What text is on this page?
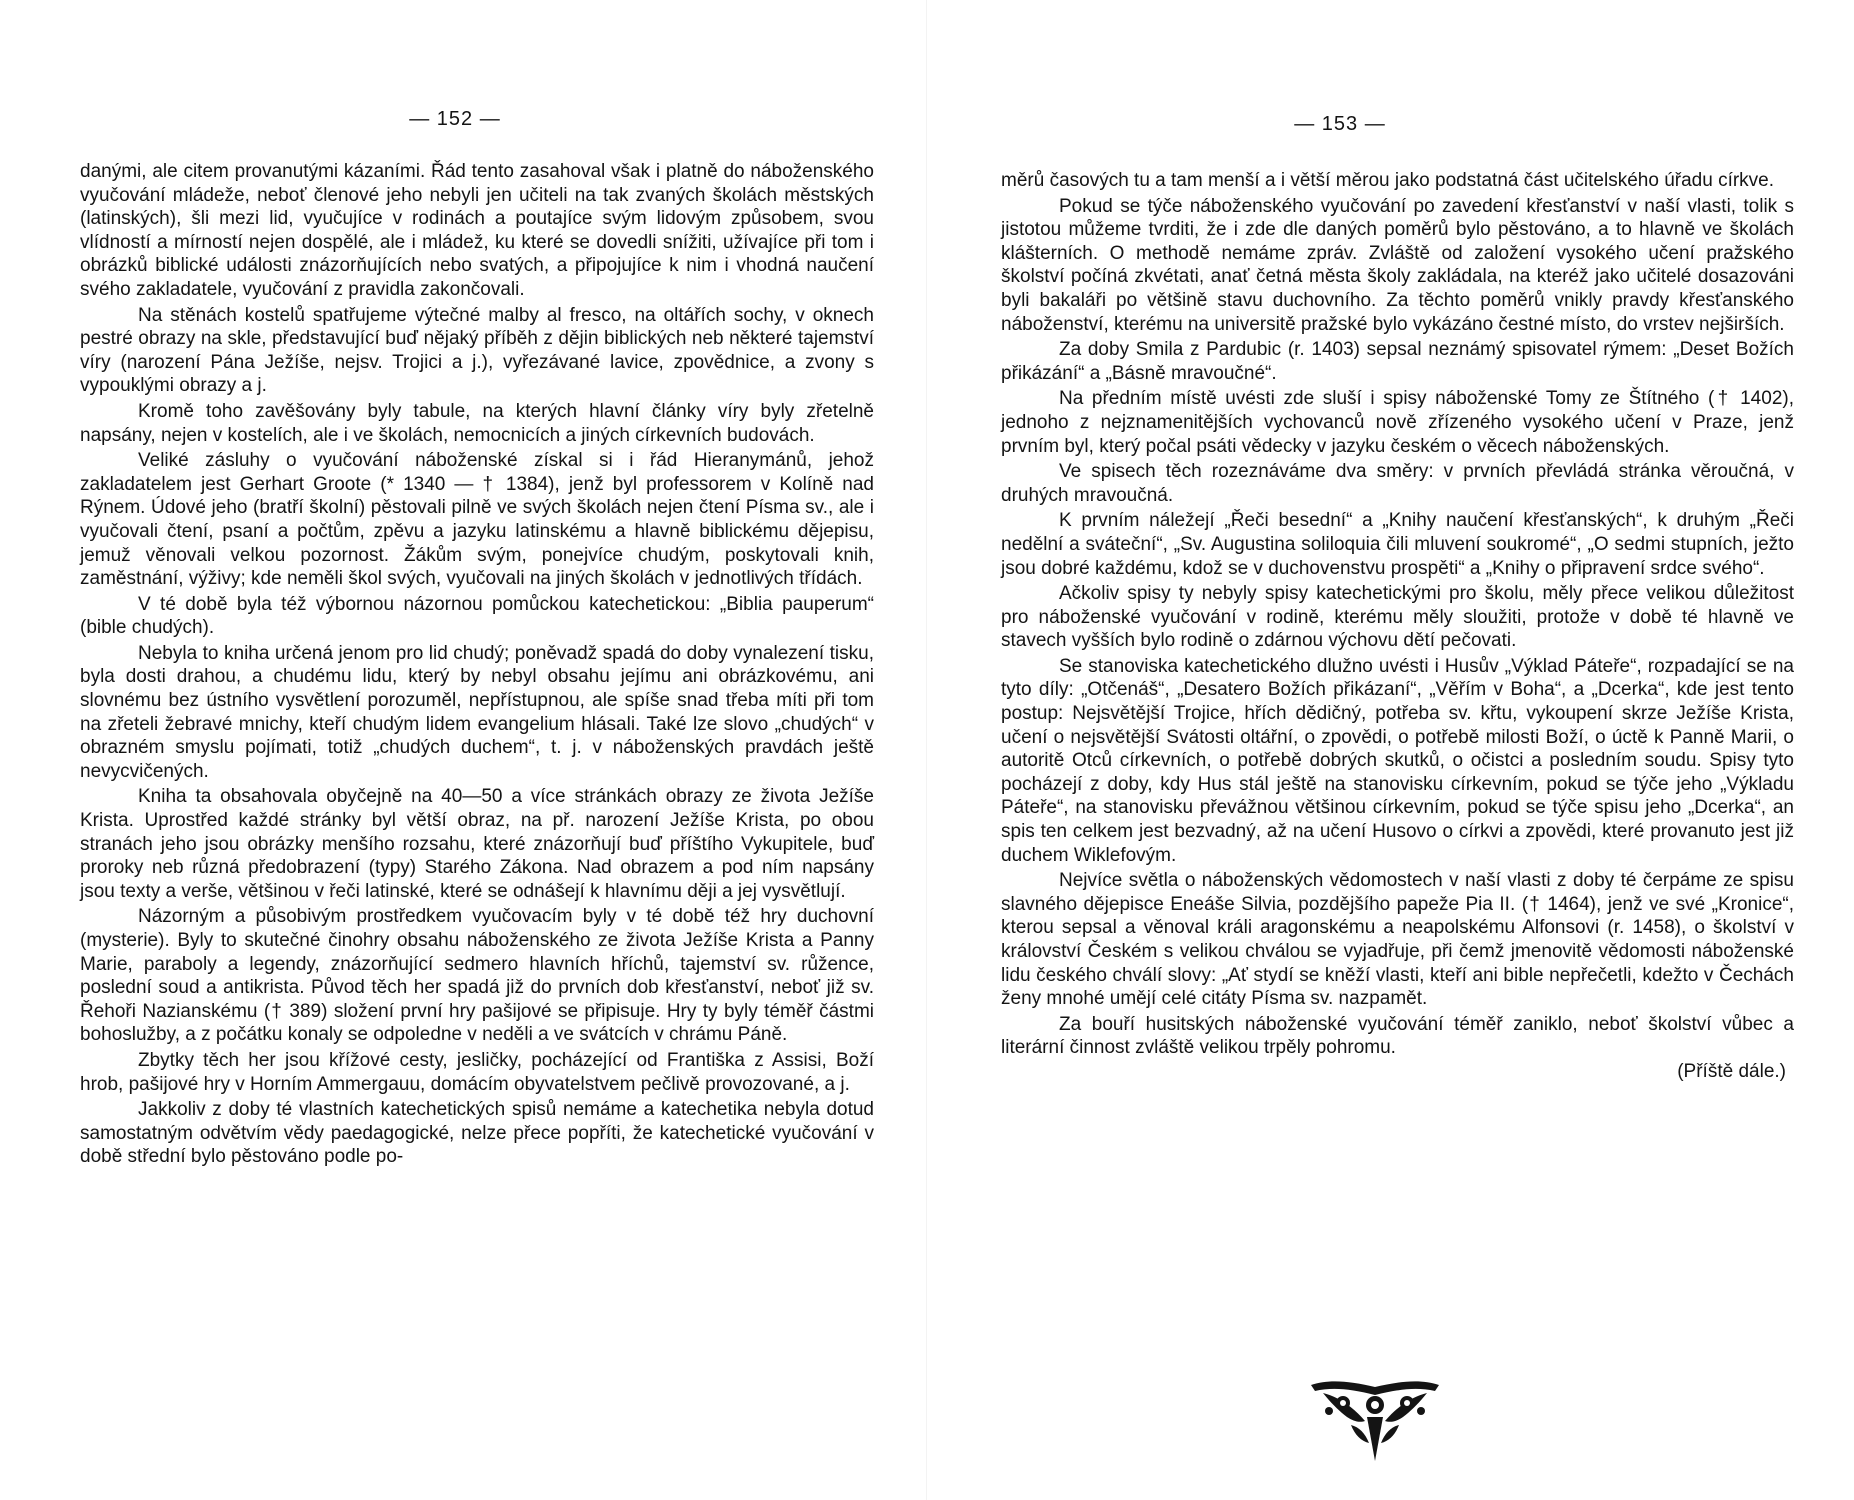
— 152 —

danými, ale citem provanutými kázaními. Řád tento zasahoval však i platně do náboženského vyučování mládeže, neboť členové jeho nebyli jen učiteli na tak zvaných školách městských (latinských), šli mezi lid, vyučujíce v rodinách a poutajíce svým lidovým způsobem, svou vlídností a mírností nejen dospělé, ale i mládež, ku které se dovedli snížiti, užívajíce při tom i obrázků biblické události znázorňujících nebo svatých, a připojujíce k nim i vhodná naučení svého zakladatele, vyučování z pravidla zakončovali.

Na stěnách kostelů spatřujeme výtečné malby al fresco, na oltářích sochy, v oknech pestré obrazy na skle, představující buď nějaký příběh z dějin biblických neb některé tajemství víry (narození Pána Ježíše, nejsv. Trojici a j.), vyřezávané lavice, zpovědnice, a zvony s vypouklými obrazy a j.

Kromě toho zavěšovány byly tabule, na kterých hlavní články víry byly zřetelně napsány, nejen v kostelích, ale i ve školách, nemocnicích a jiných církevních budovách.

Veliké zásluhy o vyučování náboženské získal si i řád Hieranymánů, jehož zakladatelem jest Gerhart Groote (* 1340 — † 1384), jenž byl professorem v Kolíně nad Rýnem. Údové jeho (bratří školní) pěstovali pilně ve svých školách nejen čtení Písma sv., ale i vyučovali čtení, psaní a počtům, zpěvu a jazyku latinskému a hlavně biblickému dějepisu, jemuž věnovali velkou pozornost. Žákům svým, ponejvíce chudým, poskytovali knih, zaměstnání, výživy; kde neměli škol svých, vyučovali na jiných školách v jednotlivých třídách.

V té době byla též výbornou názornou pomůckou katechetickou: „Biblia pauperum“ (bible chudých).

Nebyla to kniha určená jenom pro lid chudý; poněvadž spadá do doby vynalezení tisku, byla dosti drahou, a chudému lidu, který by nebyl obsahu jejímu ani obrázkovému, ani slovnému bez ústního vysvětlení porozuměl, nepřístupnou, ale spíše snad třeba míti při tom na zřeteli žebravé mnichy, kteří chudým lidem evangelium hlásali. Také lze slovo „chudých“ v obrazném smyslu pojímati, totiž „chudých duchem“, t. j. v náboženských pravdách ještě nevycvičených.

Kniha ta obsahovala obyčejně na 40—50 a více stránkách obrazy ze života Ježíše Krista. Uprostřed každé stránky byl větší obraz, na př. narození Ježíše Krista, po obou stranách jeho jsou obrázky menšího rozsahu, které znázorňují buď příštího Vykupitele, buď proroky neb různá předobrazení (typy) Starého Zákona. Nad obrazem a pod ním napsány jsou texty a verše, většinou v řeči latinské, které se odnášejí k hlavnímu ději a jej vysvětlují.

Názorným a působivým prostředkem vyučovacím byly v té době též hry duchovní (mysterie). Byly to skutečné činohry obsahu náboženského ze života Ježíše Krista a Panny Marie, paraboly a legendy, znázorňující sedmero hlavních hříchů, tajemství sv. růžence, poslední soud a antikrista. Původ těch her spadá již do prvních dob křesťanství, neboť již sv. Řehoři Nazianskému († 389) složení první hry pašijové se připisuje. Hry ty byly téměř částmi bohoslužby, a z počátku konaly se odpoledne v neděli a ve svátcích v chrámu Páně.

Zbytky těch her jsou křížové cesty, jesličky, pocházející od Františka z Assisi, Boží hrob, pašijové hry v Horním Ammergauu, domácím obyvatelstvem pečlivě provozované, a j.

Jakkoliv z doby té vlastních katechetických spisů nemáme a katechetika nebyla dotud samostatným odvětvím vědy paedagogické, nelze přece popříti, že katechetické vyučování v době střední bylo pěstováno podle po-

— 153 —

měrů časových tu a tam menší a i větší měrou jako podstatná část učitelského úřadu církve.

Pokud se týče náboženského vyučování po zavedení křesťanství v naší vlasti, tolik s jistotou můžeme tvrditi, že i zde dle daných poměrů bylo pěstováno, a to hlavně ve školách klášterních. O methodě nemáme zpráv. Zvláště od založení vysokého učení pražského školství počíná zkvétati, anať četná města školy zakládala, na kteréž jako učitelé dosazováni byli bakaláři po většině stavu duchovního. Za těchto poměrů vnikly pravdy křesťanského náboženství, kterému na universitě pražské bylo vykázáno čestné místo, do vrstev nejširších.

Za doby Smila z Pardubic (r. 1403) sepsal neznámý spisovatel rýmem: „Deset Božích přikázání“ a „Básně mravoučné“.

Na předním místě uvésti zde sluší i spisy náboženské Tomy ze Štítného († 1402), jednoho z nejznamenitějších vychovanců nově zřízeného vysokého učení v Praze, jenž prvním byl, který počal psáti vědecky v jazyku českém o věcech náboženských.

Ve spisech těch rozeznáváme dva směry: v prvních převládá stránka věroučná, v druhých mravoučná.

K prvním náležejí „Řeči besední“ a „Knihy naučení křesťanských“, k druhým „Řeči nedělní a sváteční“, „Sv. Augustina soliloquia čili mluvení soukromé“, „O sedmi stupních, ježto jsou dobré každému, kdož se v duchovenstvu prospěti“ a „Knihy o připravení srdce svého“.

Ačkoliv spisy ty nebyly spisy katechetickými pro školu, měly přece velikou důležitost pro náboženské vyučování v rodině, kterému měly sloužiti, protože v době té hlavně ve stavech vyšších bylo rodině o zdárnou výchovu dětí pečovati.

Se stanoviska katechetického dlužno uvésti i Husův „Výklad Páteře“, rozpadající se na tyto díly: „Otčenáš“, „Desatero Božích přikázaní“, „Věřím v Boha“, a „Dcerka“, kde jest tento postup: Nejsvětější Trojice, hřích dědičný, potřeba sv. křtu, vykoupení skrze Ježíše Krista, učení o nejsvětější Svátosti oltářní, o zpovědi, o potřebě milosti Boží, o úctě k Panně Marii, o autoritě Otců církevních, o potřebě dobrých skutků, o očistci a posledním soudu. Spisy tyto pocházejí z doby, kdy Hus stál ještě na stanovisku církevním, pokud se týče jeho „Výkladu Páteře“, na stanovisku převážnou většinou církevním, pokud se týče spisu jeho „Dcerka“, an spis ten celkem jest bezvadný, až na učení Husovo o církvi a zpovědi, které provanuto jest již duchem Wiklefovým.

Nejvíce světla o náboženských vědomostech v naší vlasti z doby té čerpáme ze spisu slavného dějepisce Eneáše Silvia, pozdějšího papeže Pia II. († 1464), jenž ve své „Kronice“, kterou sepsal a věnoval králi aragonskému a neapolskému Alfonsovi (r. 1458), o školství v království Českém s velikou chválou se vyjadřuje, při čemž jmenovitě vědomosti náboženské lidu českého chválí slovy: „Ať stydí se kněží vlasti, kteří ani bible nepřečetli, kdežto v Čechách ženy mnohé umějí celé citáty Písma sv. nazpamět.

Za bouří husitských náboženské vyučování téměř zaniklo, neboť školství vůbec a literární činnost zvláště velikou trpěly pohromu.

(Příště dále.)
